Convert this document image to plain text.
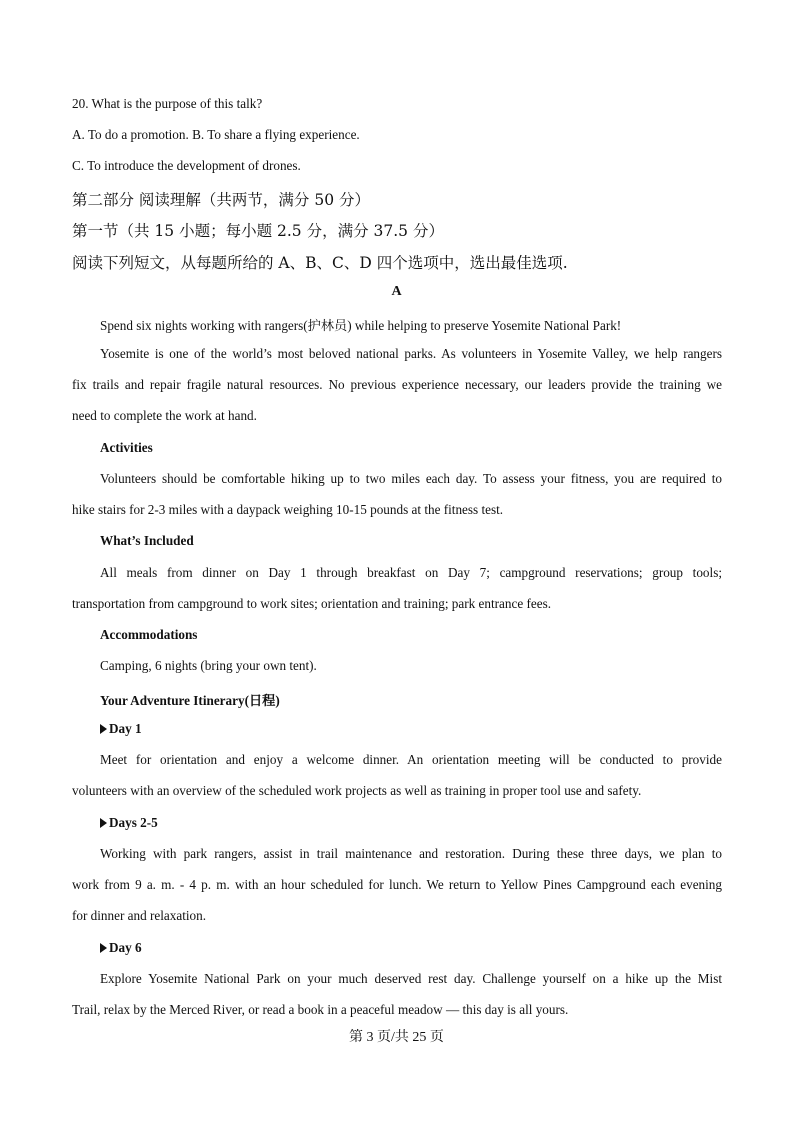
20. What is the purpose of this talk?
A. To do a promotion. B. To share a flying experience.
C. To introduce the development of drones.
第二部分 阅读理解（共两节，满分 50 分）
第一节（共 15 小题；每小题 2.5 分，满分 37.5 分）
阅读下列短文，从每题所给的 A、B、C、D 四个选项中，选出最佳选项.
A
Spend six nights working with rangers(护林员) while helping to preserve Yosemite National Park!
Yosemite is one of the world’s most beloved national parks. As volunteers in Yosemite Valley, we help rangers
fix trails and repair fragile natural resources. No previous experience necessary, our leaders provide the training we
need to complete the work at hand.
Activities
Volunteers should be comfortable hiking up to two miles each day. To assess your fitness, you are required to
hike stairs for 2-3 miles with a daypack weighing 10-15 pounds at the fitness test.
What’s Included
All meals from dinner on Day 1 through breakfast on Day 7; campground reservations; group tools;
transportation from campground to work sites; orientation and training; park entrance fees.
Accommodations
Camping, 6 nights (bring your own tent).
Your Adventure Itinerary(日程)
Day 1
Meet for orientation and enjoy a welcome dinner. An orientation meeting will be conducted to provide
volunteers with an overview of the scheduled work projects as well as training in proper tool use and safety.
Days 2-5
Working with park rangers, assist in trail maintenance and restoration. During these three days, we plan to
work from 9 a. m. - 4 p. m. with an hour scheduled for lunch. We return to Yellow Pines Campground each evening
for dinner and relaxation.
Day 6
Explore Yosemite National Park on your much deserved rest day. Challenge yourself on a hike up the Mist
Trail, relax by the Merced River, or read a book in a peaceful meadow — this day is all yours.
第 3 页/共 25 页
